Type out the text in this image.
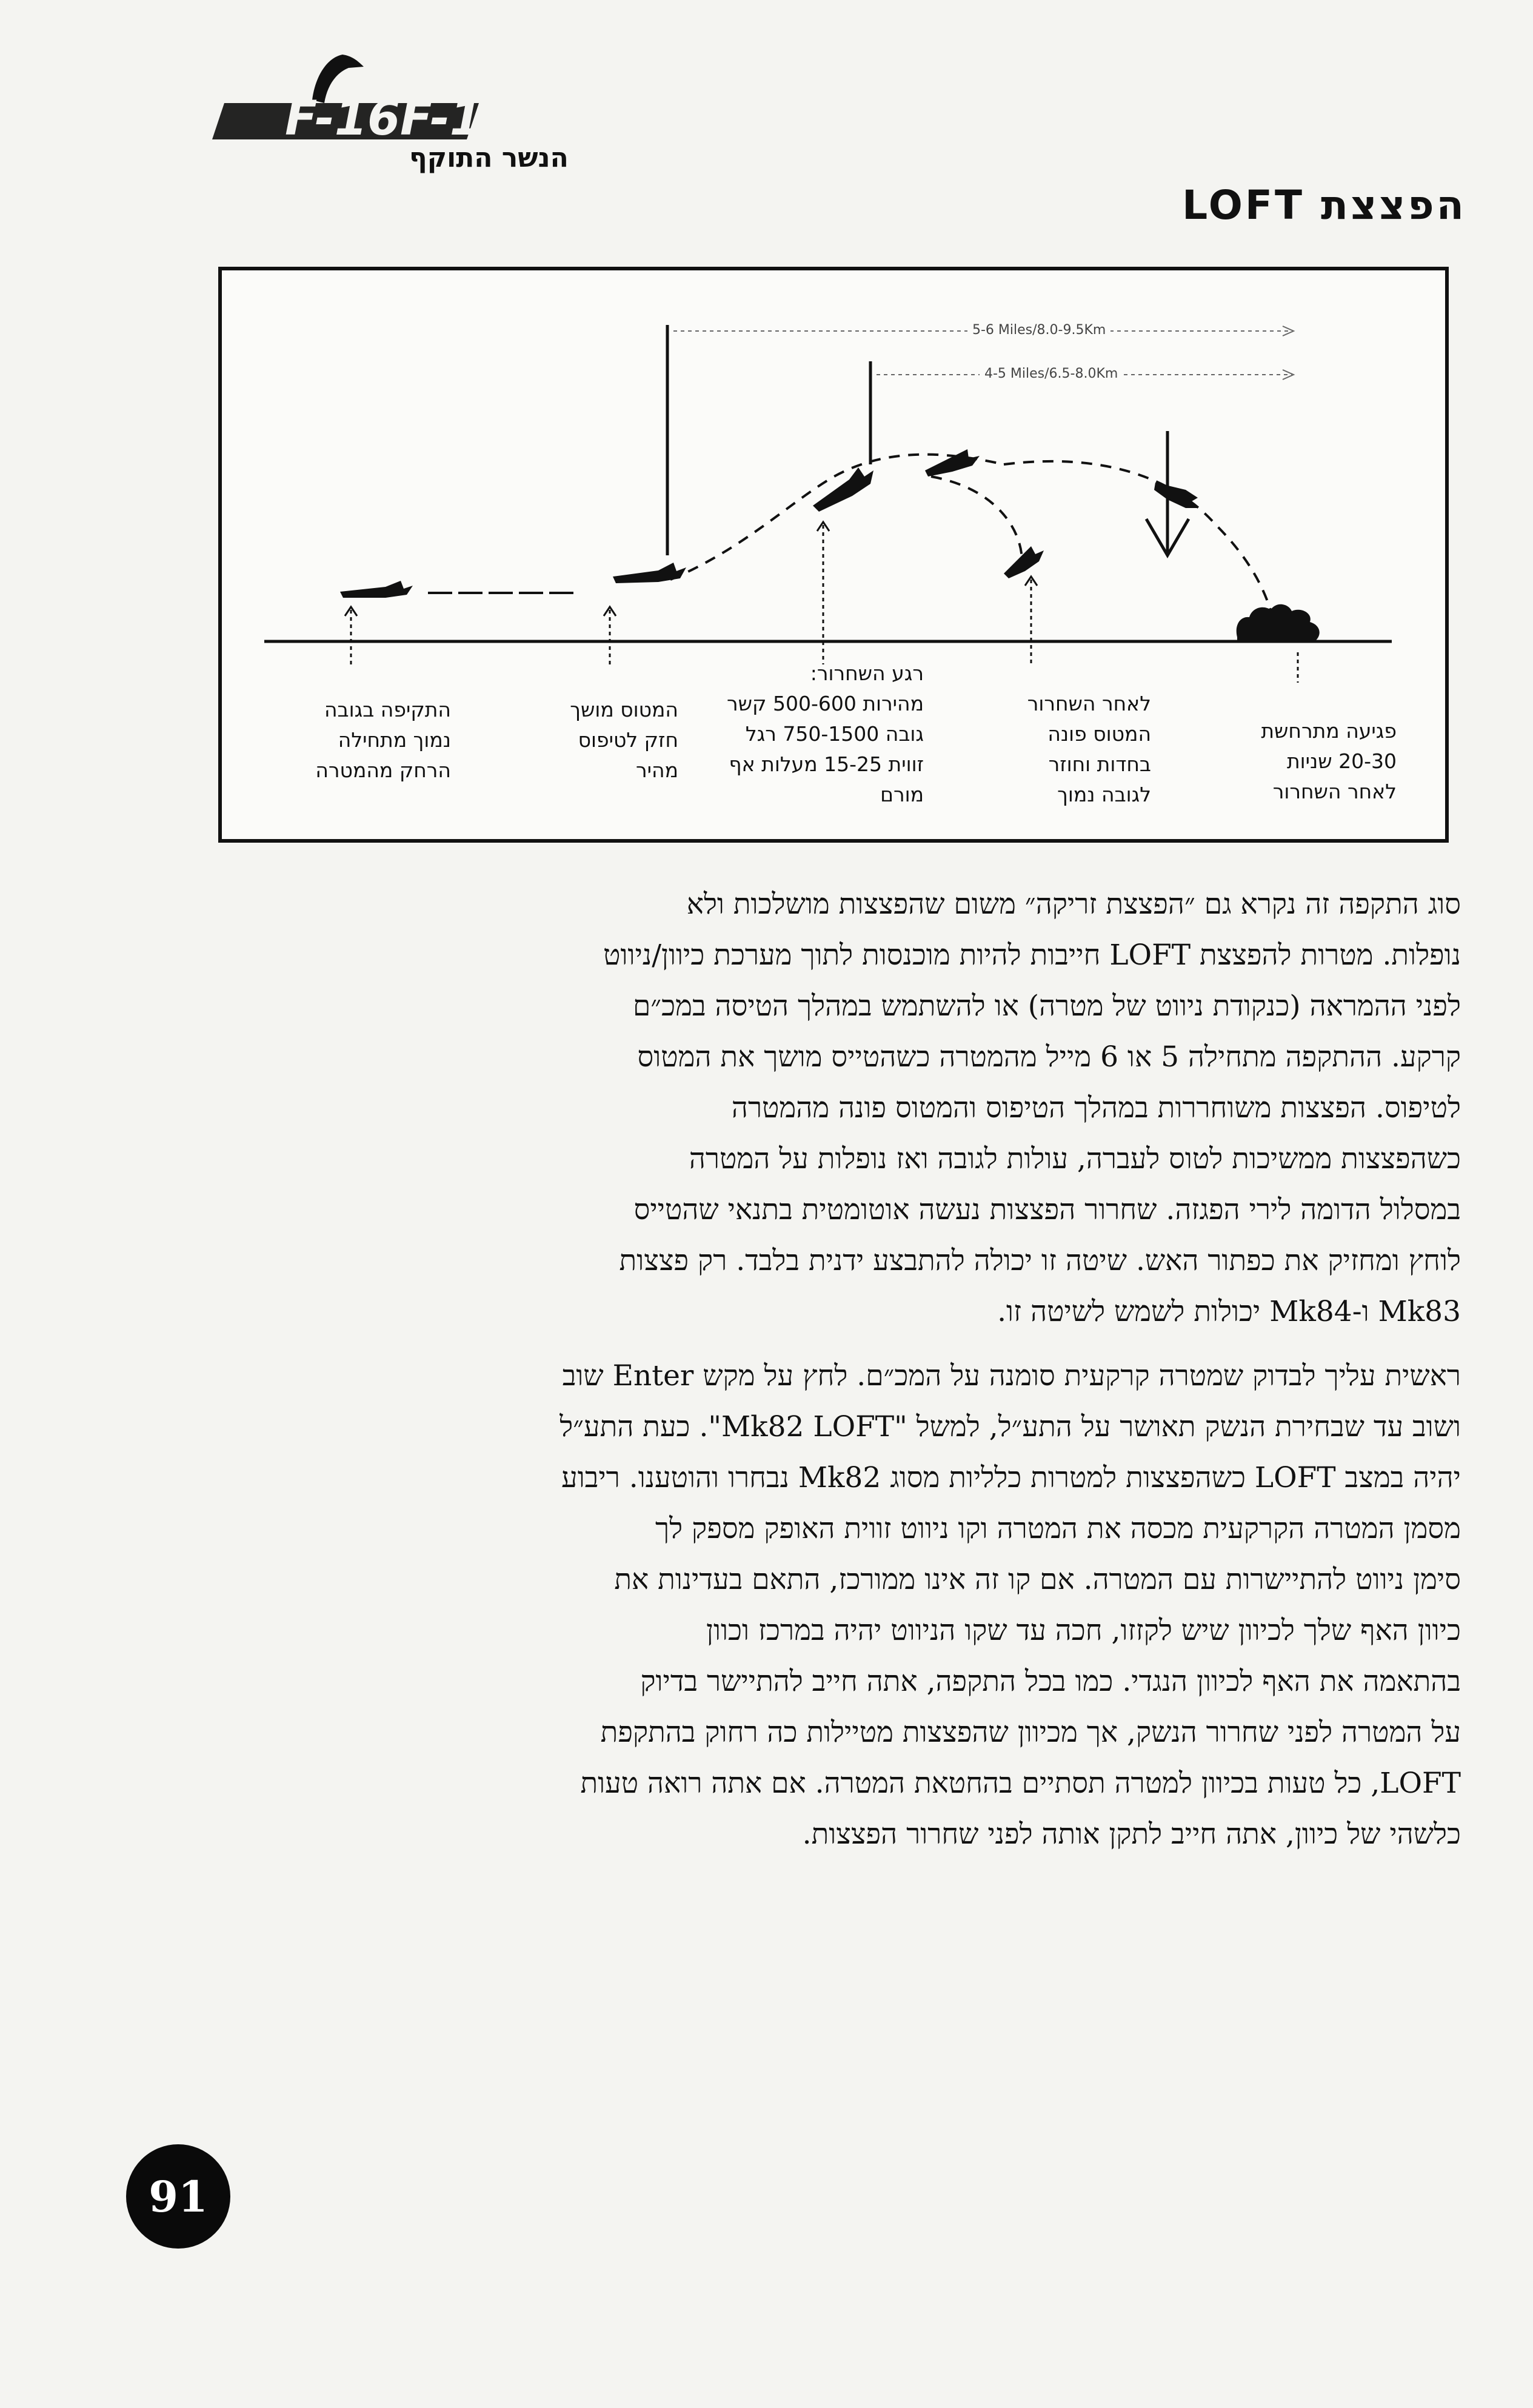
F-16 F-16
הנשר התוקף
הפצצת LOFT
5-6 Miles/8.0-9.5Km
4-5 Miles/6.5-8.0Km
התקיפה בגובה
נמוך מתחילה
הרחק מהמטרה
המטוס מושך
חזק לטיפוס
מהיר
רגע השחרור:
מהירות 500-600 קשר
גובה 750-1500 רגל
זווית 15-25 מעלות אף
מורם
לאחר השחרור
המטוס פונה
בחדות וחוזר
לגובה נמוך
פגיעה מתרחשת
20-30 שניות
לאחר השחרור

סוג התקפה זה נקרא גם ״הפצצת זריקה״ משום שהפצצות מושלכות ולא
נופלות. מטרות להפצצת LOFT חייבות להיות מוכנסות לתוך מערכת כיוון/ניווט
לפני ההמראה (כנקודת ניווט של מטרה) או להשתמש במהלך הטיסה במכ״ם
קרקע. ההתקפה מתחילה 5 או 6 מייל מהמטרה כשהטייס מושך את המטוס
לטיפוס. הפצצות משוחררות במהלך הטיפוס והמטוס פונה מהמטרה
כשהפצצות ממשיכות לטוס לעברה, עולות לגובה ואז נופלות על המטרה
במסלול הדומה לירי הפגזה. שחרור הפצצות נעשה אוטומטית בתנאי שהטייס
לוחץ ומחזיק את כפתור האש. שיטה זו יכולה להתבצע ידנית בלבד. רק פצצות
Mk83 ו-Mk84 יכולות לשמש לשיטה זו.

ראשית עליך לבדוק שמטרה קרקעית סומנה על המכ״ם. לחץ על מקש Enter שוב
ושוב עד שבחירת הנשק תאושר על התע״ל, למשל "Mk82 LOFT". כעת התע״ל
יהיה במצב LOFT כשהפצצות למטרות כלליות מסוג Mk82 נבחרו והוטענו. ריבוע
מסמן המטרה הקרקעית מכסה את המטרה וקו ניווט זווית האופק מספק לך
סימן ניווט להתיישרות עם המטרה. אם קו זה אינו ממורכז, התאם בעדינות את
כיוון האף שלך לכיוון שיש לקזזו, חכה עד שקו הניווט יהיה במרכז וכוון
בהתאמה את האף לכיוון הנגדי. כמו בכל התקפה, אתה חייב להתיישר בדיוק
על המטרה לפני שחרור הנשק, אך מכיוון שהפצצות מטיילות כה רחוק בהתקפת
LOFT, כל טעות בכיוון למטרה תסתיים בהחטאת המטרה. אם אתה רואה טעות
כלשהי של כיוון, אתה חייב לתקן אותה לפני שחרור הפצצות.

91
